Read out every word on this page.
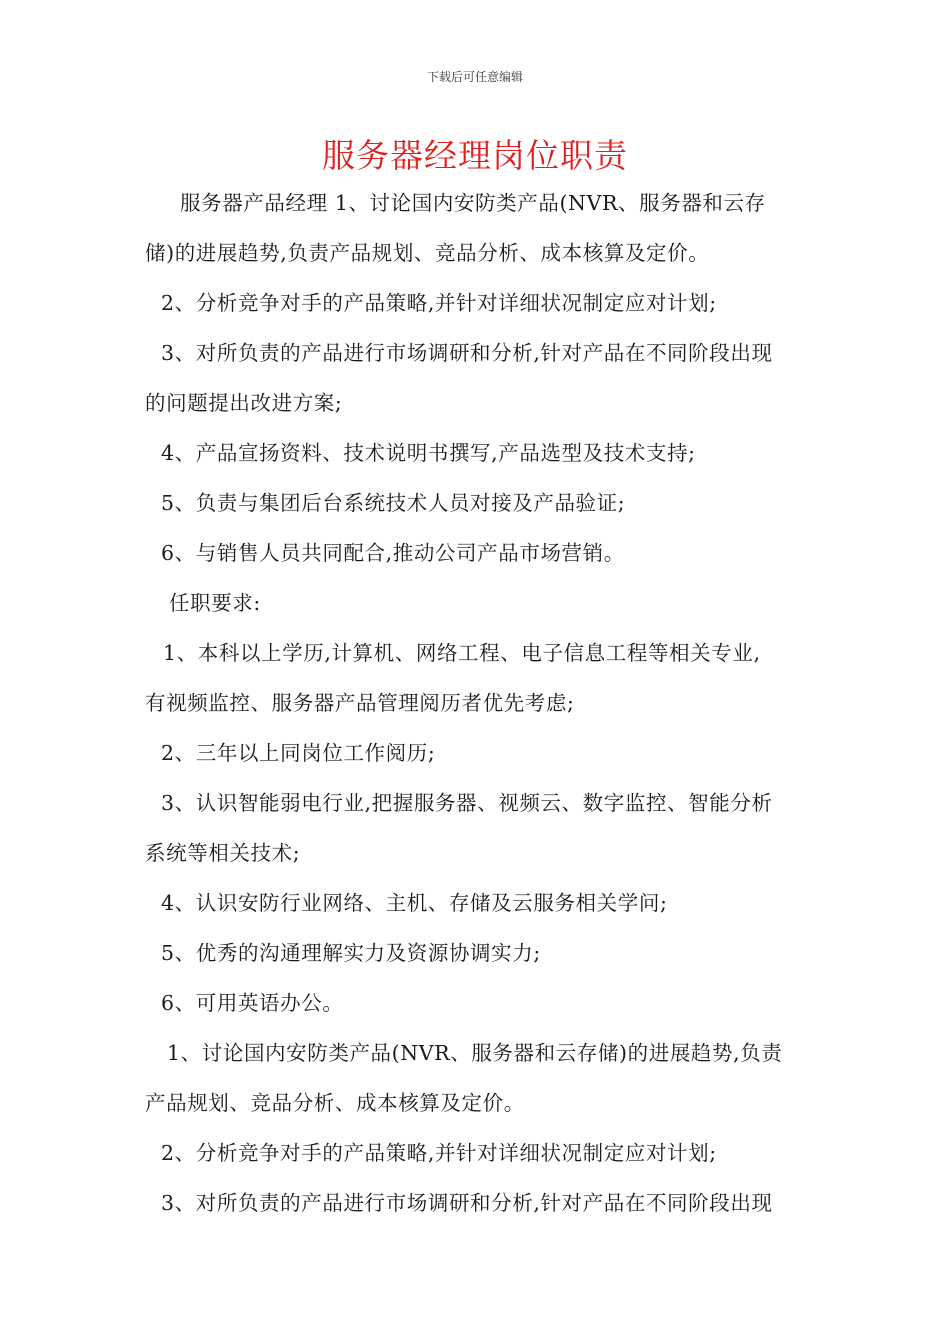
下载后可任意编辑
服务器经理岗位职责
服务器产品经理 1、讨论国内安防类产品(NVR、服务器和云存
储)的进展趋势,负责产品规划、竞品分析、成本核算及定价。
2、分析竞争对手的产品策略,并针对详细状况制定应对计划;
3、对所负责的产品进行市场调研和分析,针对产品在不同阶段出现
的问题提出改进方案;
4、产品宣扬资料、技术说明书撰写,产品选型及技术支持;
5、负责与集团后台系统技术人员对接及产品验证;
6、与销售人员共同配合,推动公司产品市场营销。
任职要求:
1、本科以上学历,计算机、网络工程、电子信息工程等相关专业,
有视频监控、服务器产品管理阅历者优先考虑;
2、三年以上同岗位工作阅历;
3、认识智能弱电行业,把握服务器、视频云、数字监控、智能分析
系统等相关技术;
4、认识安防行业网络、主机、存储及云服务相关学问;
5、优秀的沟通理解实力及资源协调实力;
6、可用英语办公。
1、讨论国内安防类产品(NVR、服务器和云存储)的进展趋势,负责
产品规划、竞品分析、成本核算及定价。
2、分析竞争对手的产品策略,并针对详细状况制定应对计划;
3、对所负责的产品进行市场调研和分析,针对产品在不同阶段出现
